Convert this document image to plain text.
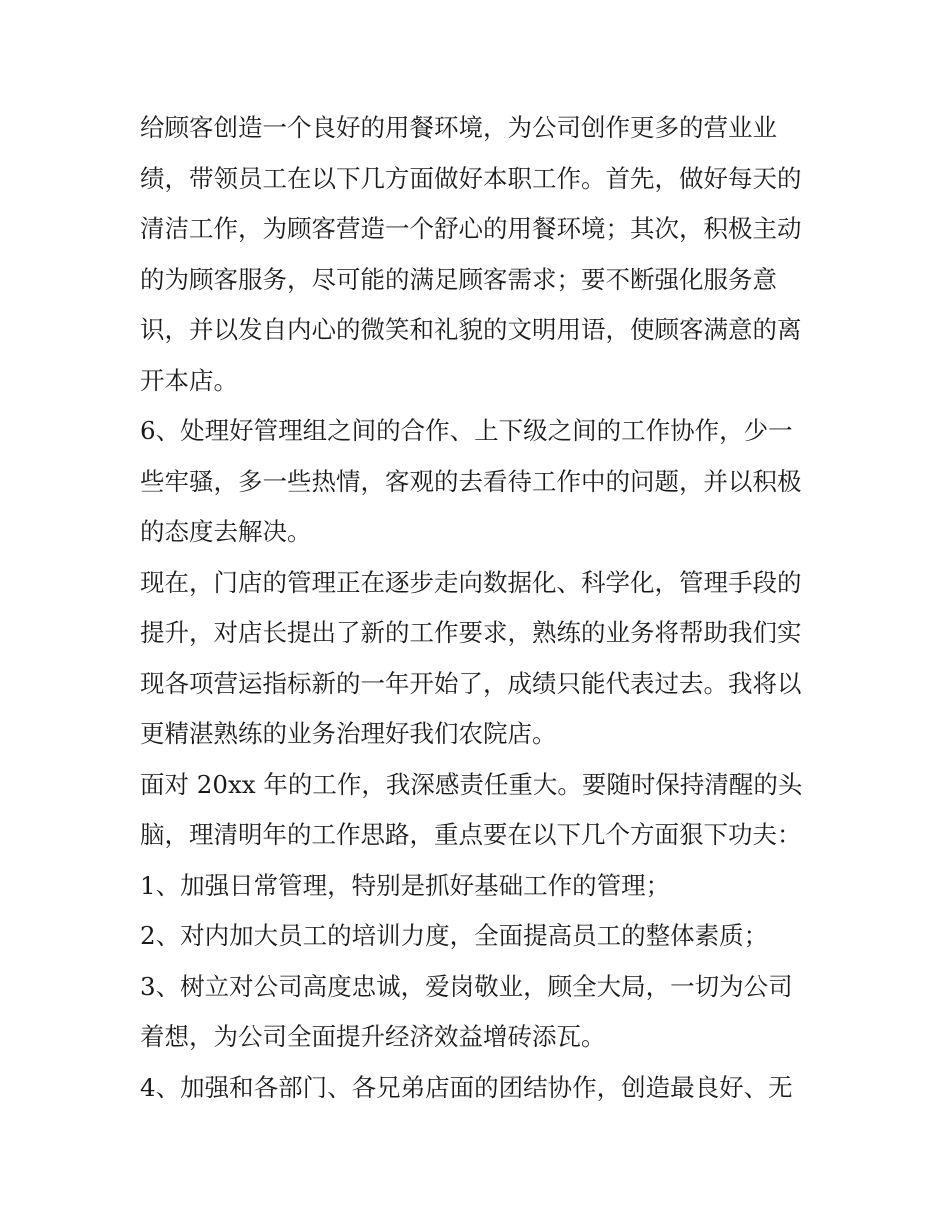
给顾客创造一个良好的用餐环境，为公司创作更多的营业业
绩，带领员工在以下几方面做好本职工作。首先，做好每天的
清洁工作，为顾客营造一个舒心的用餐环境；其次，积极主动
的为顾客服务，尽可能的满足顾客需求；要不断强化服务意
识，并以发自内心的微笑和礼貌的文明用语，使顾客满意的离
开本店。
6、处理好管理组之间的合作、上下级之间的工作协作，少一
些牢骚，多一些热情，客观的去看待工作中的问题，并以积极
的态度去解决。
现在，门店的管理正在逐步走向数据化、科学化，管理手段的
提升，对店长提出了新的工作要求，熟练的业务将帮助我们实
现各项营运指标新的一年开始了，成绩只能代表过去。我将以
更精湛熟练的业务治理好我们农院店。
面对 20xx 年的工作，我深感责任重大。要随时保持清醒的头
脑，理清明年的工作思路，重点要在以下几个方面狠下功夫：
1、加强日常管理，特别是抓好基础工作的管理；
2、对内加大员工的培训力度，全面提高员工的整体素质；
3、树立对公司高度忠诚，爱岗敬业，顾全大局，一切为公司
着想，为公司全面提升经济效益增砖添瓦。
4、加强和各部门、各兄弟店面的团结协作，创造最良好、无
